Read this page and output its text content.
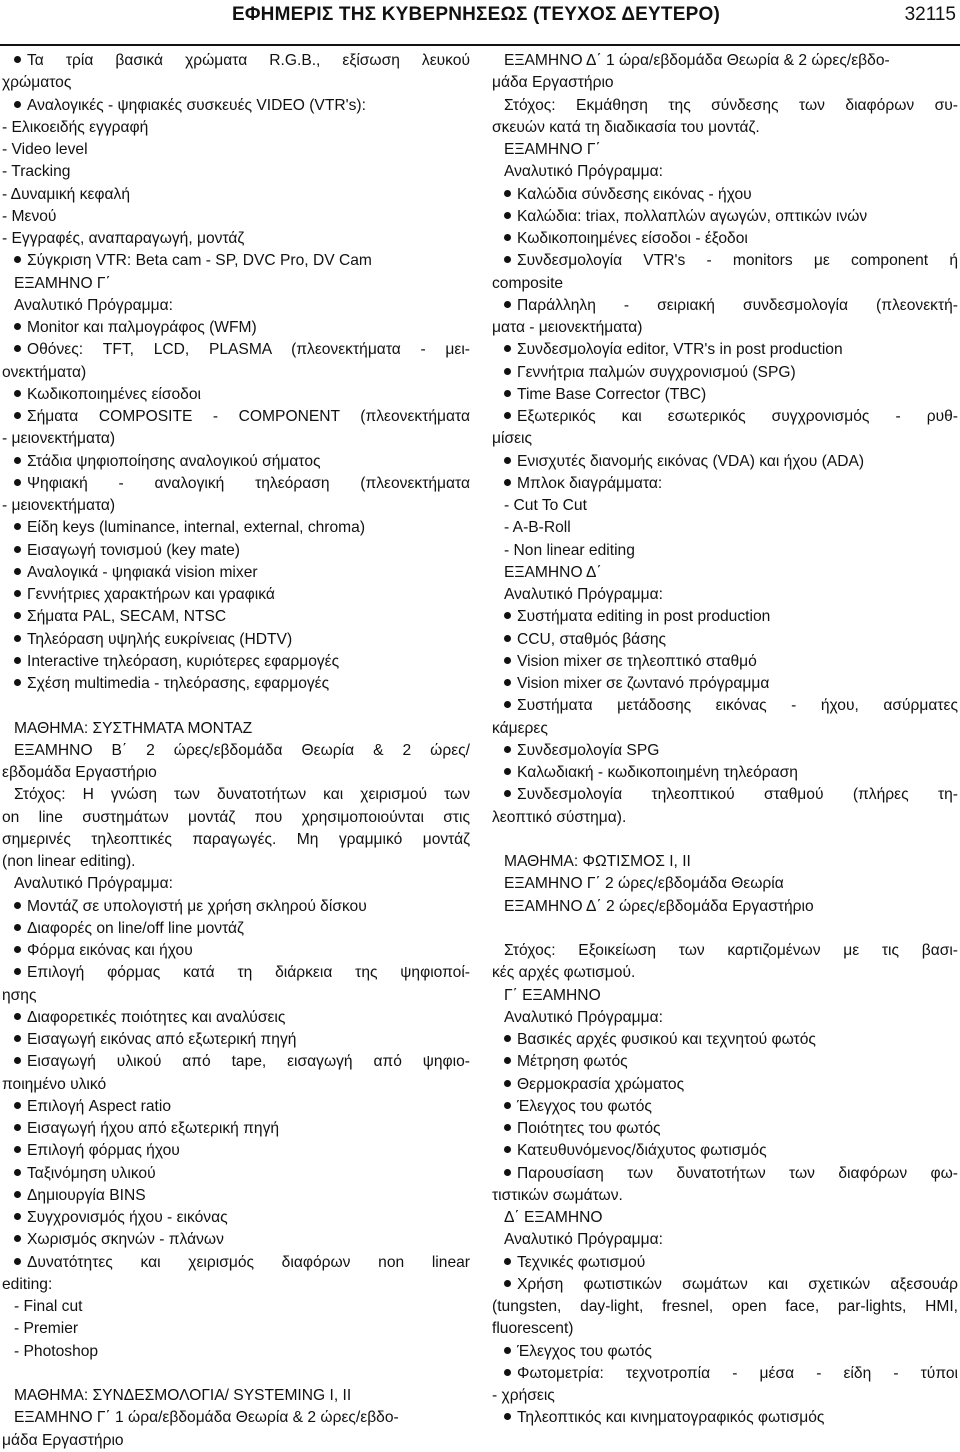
ΕΦΗΜΕΡΙΣ ΤΗΣ ΚΥΒΕΡΝΗΣΕΩΣ (ΤΕΥΧΟΣ ΔΕΥΤΕΡΟ)	32115
Τα τρία βασικά χρώματα R.G.B., εξίσωση λευκού
χρώματος
Αναλογικές - ψηφιακές συσκευές VIDEO (VTR's):
- Ελικοειδής εγγραφή
- Video level
- Tracking
- Δυναμική κεφαλή
- Μενού
- Εγγραφές, αναπαραγωγή, μοντάζ
Σύγκριση VTR: Beta cam - SP, DVC Pro, DV Cam
ΕΞΑΜΗΝΟ Γ΄
Αναλυτικό Πρόγραμμα:
Monitor και παλμογράφος (WFM)
Οθόνες: TFT, LCD, PLASMA (πλεονεκτήματα - μει-
ονεκτήματα)
Κωδικοποιημένες είσοδοι
Σήματα COMPOSITE - COMPONENT (πλεονεκτήματα
- μειονεκτήματα)
Στάδια ψηφιοποίησης αναλογικού σήματος
Ψηφιακή - αναλογική τηλεόραση (πλεονεκτήματα
- μειονεκτήματα)
Είδη keys (luminance, internal, external, chroma)
Εισαγωγή τονισμού (key mate)
Αναλογικά - ψηφιακά vision mixer
Γεννήτριες χαρακτήρων και γραφικά
Σήματα PAL, SECAM, NTSC
Τηλεόραση υψηλής ευκρίνειας (HDTV)
Interactive τηλεόραση, κυριότερες εφαρμογές
Σχέση multimedia - τηλεόρασης, εφαρμογές
ΜΑΘΗΜΑ: ΣΥΣΤΗΜΑΤΑ ΜΟΝΤΑΖ
ΕΞΑΜΗΝΟ Β΄ 2 ώρες/εβδομάδα Θεωρία & 2 ώρες/
εβδομάδα Εργαστήριο
Στόχος: Η γνώση των δυνατοτήτων και χειρισμού των
on line συστημάτων μοντάζ που χρησιμοποιούνται στις
σημερινές τηλεοπτικές παραγωγές. Μη γραμμικό μοντάζ
(non linear editing).
Αναλυτικό Πρόγραμμα:
Μοντάζ σε υπολογιστή με χρήση σκληρού δίσκου
Διαφορές on line/off line μοντάζ
Φόρμα εικόνας και ήχου
Επιλογή φόρμας κατά τη διάρκεια της ψηφιοποί-
ησης
Διαφορετικές ποιότητες και αναλύσεις
Εισαγωγή εικόνας από εξωτερική πηγή
Εισαγωγή υλικού από tape, εισαγωγή από ψηφιο-
ποιημένο υλικό
Επιλογή Aspect ratio
Εισαγωγή ήχου από εξωτερική πηγή
Επιλογή φόρμας ήχου
Ταξινόμηση υλικού
Δημιουργία BINS
Συγχρονισμός ήχου - εικόνας
Χωρισμός σκηνών - πλάνων
Δυνατότητες και χειρισμός διαφόρων non linear
editing:
- Final cut
- Premier
- Photoshop
ΜΑΘΗΜΑ: ΣΥΝΔΕΣΜΟΛΟΓΙΑ/ SYSTEMING I, II
ΕΞΑΜΗΝΟ Γ΄ 1 ώρα/εβδομάδα Θεωρία & 2 ώρες/εβδο-
μάδα Εργαστήριο
ΕΞΑΜΗΝΟ Δ΄ 1 ώρα/εβδομάδα Θεωρία & 2 ώρες/εβδο-
μάδα Εργαστήριο
Στόχος: Εκμάθηση της σύνδεσης των διαφόρων συ-
σκευών κατά τη διαδικασία του μοντάζ.
ΕΞΑΜΗΝΟ Γ΄
Αναλυτικό Πρόγραμμα:
Καλώδια σύνδεσης εικόνας - ήχου
Καλώδια: triax, πολλαπλών αγωγών, οπτικών ινών
Κωδικοποιημένες είσοδοι - έξοδοι
Συνδεσμολογία VTR's - monitors με component ή
composite
Παράλληλη - σειριακή συνδεσμολογία (πλεονεκτή-
ματα - μειονεκτήματα)
Συνδεσμολογία editor, VTR's in post production
Γεννήτρια παλμών συγχρονισμού (SPG)
Time Base Corrector (TBC)
Εξωτερικός και εσωτερικός συγχρονισμός - ρυθ-
μίσεις
Ενισχυτές διανομής εικόνας (VDA) και ήχου (ADA)
Μπλοκ διαγράμματα:
- Cut To Cut
- A-B-Roll
- Non linear editing
ΕΞΑΜΗΝΟ Δ΄
Αναλυτικό Πρόγραμμα:
Συστήματα editing in post production
CCU, σταθμός βάσης
Vision mixer σε τηλεοπτικό σταθμό
Vision mixer σε ζωντανό πρόγραμμα
Συστήματα μετάδοσης εικόνας - ήχου, ασύρματες
κάμερες
Συνδεσμολογία SPG
Καλωδιακή - κωδικοποιημένη τηλεόραση
Συνδεσμολογία τηλεοπτικού σταθμού (πλήρες τη-
λεοπτικό σύστημα).
ΜΑΘΗΜΑ: ΦΩΤΙΣΜΟΣ I, II
ΕΞΑΜΗΝΟ Γ΄ 2 ώρες/εβδομάδα Θεωρία
ΕΞΑΜΗΝΟ Δ΄ 2 ώρες/εβδομάδα Εργαστήριο
Στόχος: Εξοικείωση των καρτιζομένων με τις βασι-
κές αρχές φωτισμού.
Γ΄ ΕΞΑΜΗΝΟ
Αναλυτικό Πρόγραμμα:
Βασικές αρχές φυσικού και τεχνητού φωτός
Μέτρηση φωτός
Θερμοκρασία χρώματος
Έλεγχος του φωτός
Ποιότητες του φωτός
Κατευθυνόμενος/διάχυτος φωτισμός
Παρουσίαση των δυνατοτήτων των διαφόρων φω-
τιστικών σωμάτων.
Δ΄ ΕΞΑΜΗΝΟ
Αναλυτικό Πρόγραμμα:
Τεχνικές φωτισμού
Χρήση φωτιστικών σωμάτων και σχετικών αξεσουάρ
(tungsten, day-light, fresnel, open face, par-lights, HMI,
fluorescent)
Έλεγχος του φωτός
Φωτομετρία: τεχνοτροπία - μέσα - είδη - τύποι
- χρήσεις
Τηλεοπτικός και κινηματογραφικός φωτισμός
